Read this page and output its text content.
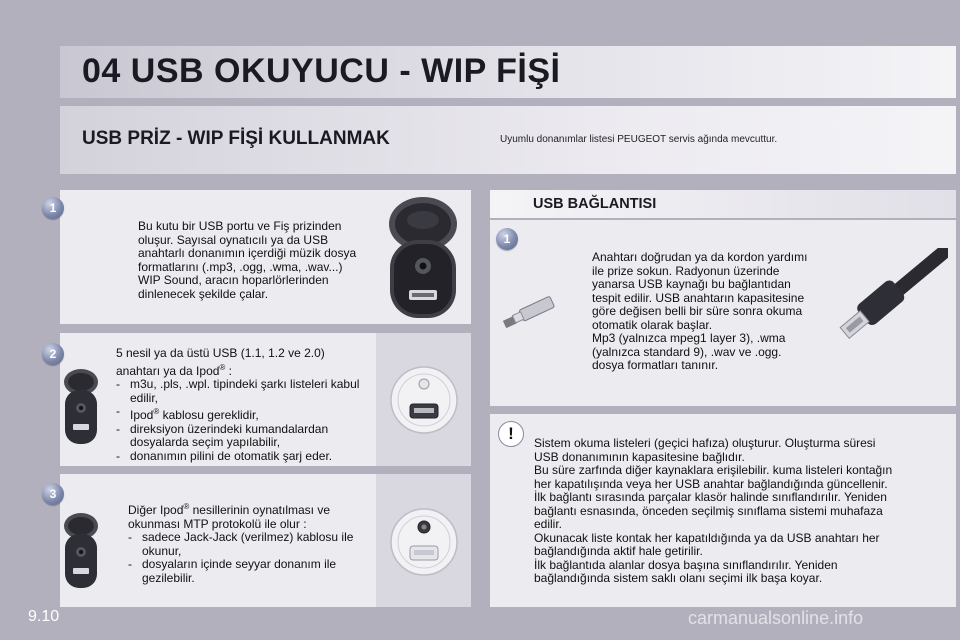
04 USB OKUYUCU - WIP FİŞİ
USB PRİZ - WIP FİŞİ KULLANMAK	Uyumlu donanımlar listesi PEUGEOT servis ağında mevcuttur.
1

Bu kutu bir USB portu ve Fiş prizinden

oluşur. Sayısal oynatıcılı ya da USB

anahtarlı donanımın içerdiği müzik dosya

formatlarını (.mp3, .ogg, .wma, .wav...)

WIP Sound, aracın hoparlörlerinden

dinlenecek şekilde çalar.

2	5 nesil ya da üstü USB (1.1, 1.2 ve 2.0)

anahtarı ya da Ipod® :

- m3u, .pls, .wpl. tipindeki şarkı listeleri kabul edilir,
- Ipod® kablosu gereklidir,
- direksiyon üzerindeki kumandalardan dosyalarda seçim yapılabilir,
- donanımın pilini de otomatik şarj eder.
3

Diğer Ipod® nesillerinin oynatılması ve

okunması MTP protokolü ile olur :

- sadece Jack-Jack (verilmez) kablosu ile okunur,
- dosyaların içinde seyyar donanım ile gezilebilir.
USB BAĞLANTISI
1

Anahtarı doğrudan ya da kordon yardımı

ile prize sokun. Radyonun üzerinde

yanarsa USB kaynağı bu bağlantıdan

tespit edilir. USB anahtarın kapasitesine

göre değisen belli bir süre sonra okuma

otomatik olarak başlar.

Mp3 (yalnızca mpeg1 layer 3), .wma

(yalnızca standard 9), .wav ve .ogg.

dosya formatları tanınır.

!	Sistem okuma listeleri (geçici hafıza) oluşturur. Oluşturma süresi

USB donanımının kapasitesine bağlıdır.

Bu süre zarfında diğer kaynaklara erişilebilir. kuma listeleri kontağın

her kapatılışında veya her USB anahtar bağlandığında güncellenir.

İlk bağlantı sırasında parçalar klasör halinde sınıflandırılır. Yeniden

bağlantı esnasında, önceden seçilmiş sınıflama sistemi muhafaza

edilir.

Okunacak liste kontak her kapatıldığında ya da USB anahtarı her

bağlandığında aktif hale getirilir.

İlk bağlantıda alanlar dosya başına sınıflandırılır. Yeniden

bağlandığında sistem saklı olanı seçimi ilk başa koyar.

9.10	carmanualsonline.info
